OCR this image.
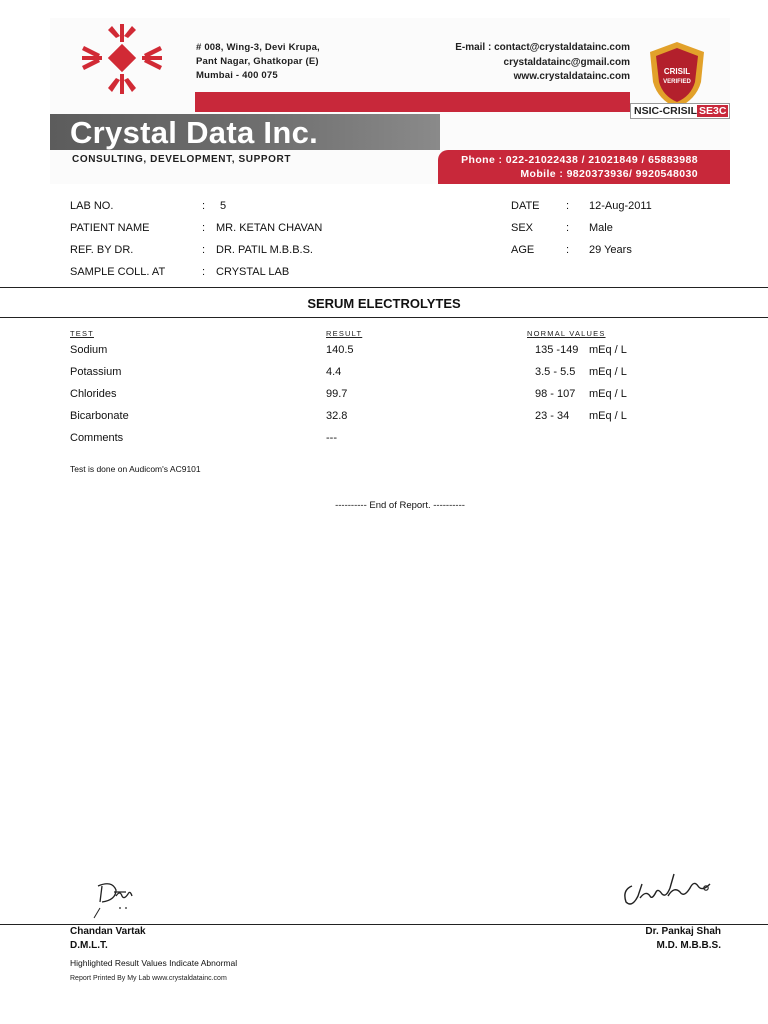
# 008, Wing-3, Devi Krupa,
Pant Nagar, Ghatkopar (E)
Mumbai - 400 075
E-mail : contact@crystaldatainc.com
crystaldatainc@gmail.com
www.crystaldatainc.com	CRISIL
VERIFIED
NSIC-CRISIL SE3C
Crystal Data Inc.
CONSULTING, DEVELOPMENT, SUPPORT	Phone : 022-21022438 / 21021849 / 65883988
Mobile : 9820373936/ 9920548030
LAB NO.	: 5
PATIENT NAME	: MR. KETAN CHAVAN
REF. BY DR.	: DR. PATIL M.B.B.S.
SAMPLE COLL. AT	: CRYSTAL LAB
DATE : 12-Aug-2011
SEX	: Male
AGE	: 29 Years
SERUM ELECTROLYTES
TEST	RESULT	NORMAL VALUES
Sodium	140.5	135 -149 mEq / L
Potassium	4.4	3.5 - 5.5 mEq / L
Chlorides	99.7	98 - 107 mEq / L
Bicarbonate	32.8	23 - 34 mEq / L
Comments	---
Test is done on Audicom's AC9101
---------- End of Report. ----------
Chandan Vartak
D.M.L.T.
Dr. Pankaj Shah
M.D. M.B.B.S.
Highlighted Result Values Indicate Abnormal
Report Printed By My Lab www.crystaldatainc.com
